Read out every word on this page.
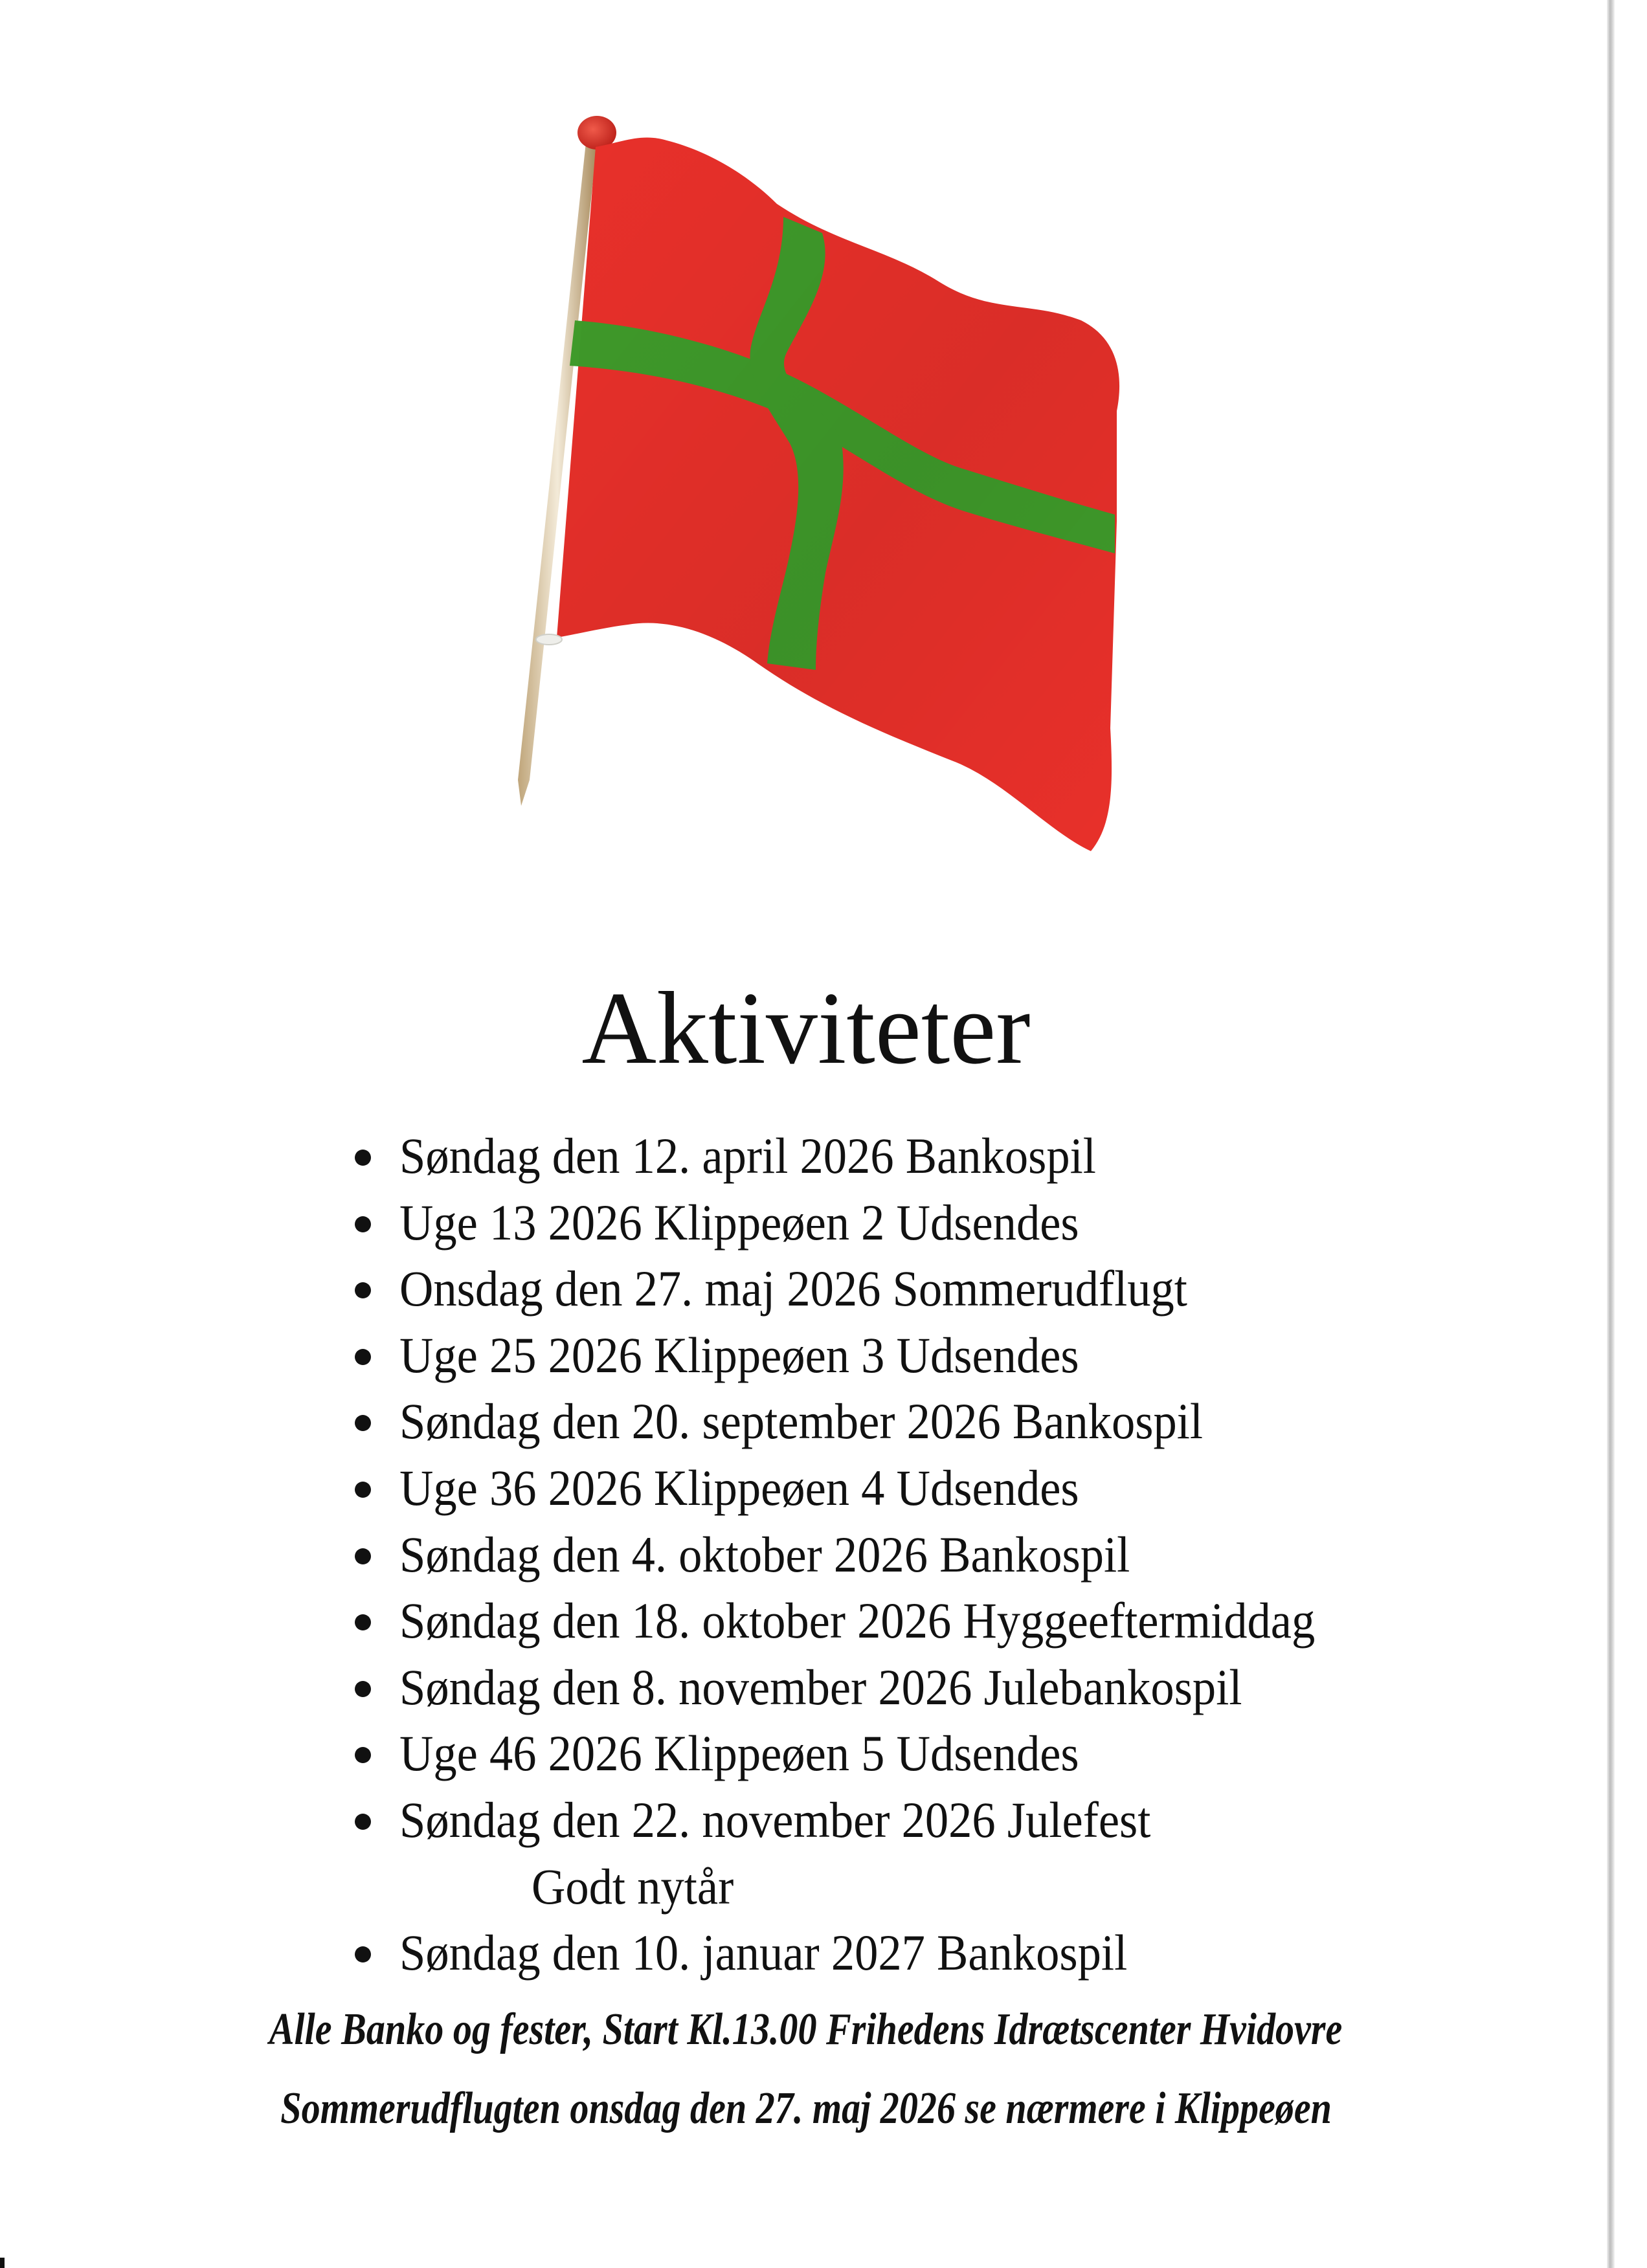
Aktiviteter
Søndag den 12. april 2026 Bankospil
Uge 13 2026 Klippeøen 2 Udsendes
Onsdag den 27. maj 2026 Sommerudflugt
Uge 25 2026 Klippeøen 3 Udsendes
Søndag den 20. september 2026 Bankospil
Uge 36 2026 Klippeøen 4 Udsendes
Søndag den 4. oktober 2026 Bankospil
Søndag den 18. oktober 2026 Hyggeeftermiddag
Søndag den 8. november 2026 Julebankospil
Uge 46 2026 Klippeøen 5 Udsendes
Søndag den 22. november 2026 Julefest
Godt nytår
Søndag den 10. januar 2027 Bankospil
Alle Banko og fester, Start Kl.13.00 Frihedens Idrætscenter Hvidovre
Sommerudflugten onsdag den 27. maj 2026 se nærmere i Klippeøen
